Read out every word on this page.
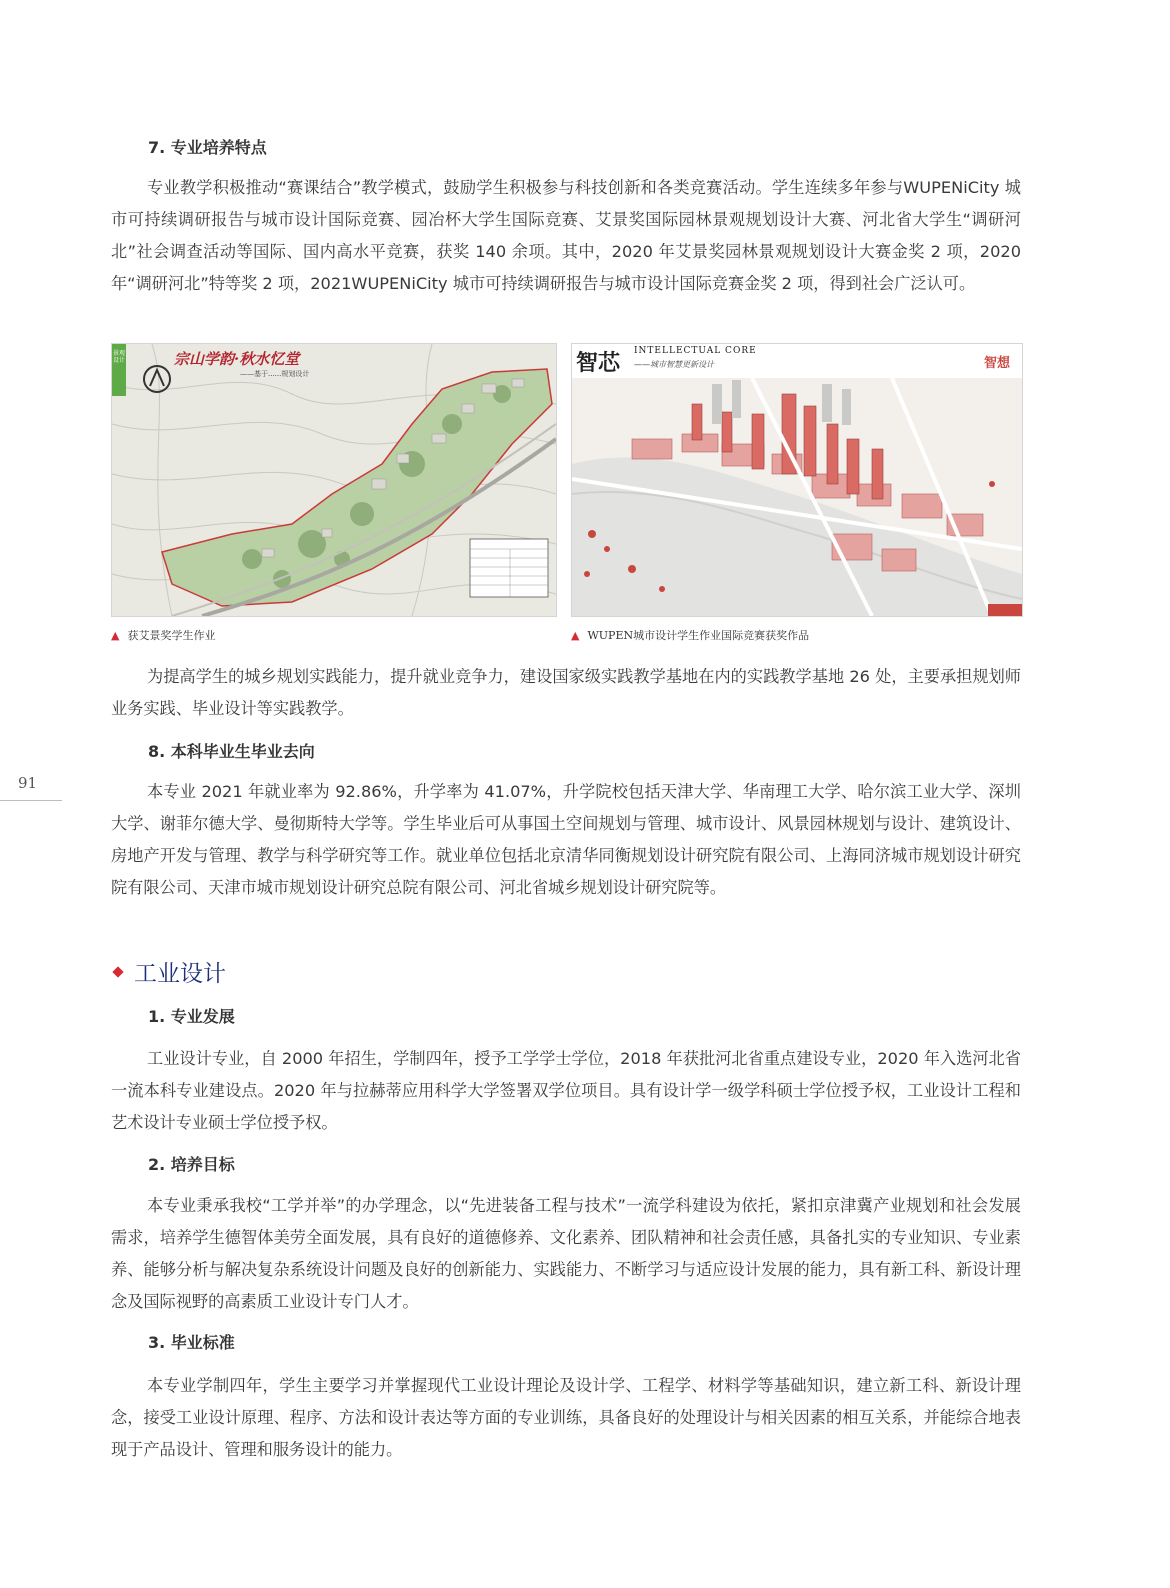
7. 专业培养特点

专业教学积极推动“赛课结合”教学模式，鼓励学生积极参与科技创新和各类竞赛活动。学生连续多年参与WUPENiCity 城市可持续调研报告与城市设计国际竞赛、园冶杯大学生国际竞赛、艾景奖国际园林景观规划设计大赛、河北省大学生“调研河北”社会调查活动等国际、国内高水平竞赛，获奖 140 余项。其中，2020 年艾景奖园林景观规划设计大赛金奖 2 项，2020 年“调研河北”特等奖 2 项，2021WUPENiCity 城市可持续调研报告与城市设计国际竞赛金奖 2 项，得到社会广泛认可。

宗山学韵·秋水忆堂
——基于......规划设计
景观设计	智芯 INTELLECTUAL CORE
——城市智慧更新设计	智想
▲ 获艾景奖学生作业	▲ WUPEN城市设计学生作业国际竞赛获奖作品

为提高学生的城乡规划实践能力，提升就业竞争力，建设国家级实践教学基地在内的实践教学基地 26 处，主要承担规划师业务实践、毕业设计等实践教学。

8. 本科毕业生毕业去向

本专业 2021 年就业率为 92.86%，升学率为 41.07%，升学院校包括天津大学、华南理工大学、哈尔滨工业大学、深圳大学、谢菲尔德大学、曼彻斯特大学等。学生毕业后可从事国土空间规划与管理、城市设计、风景园林规划与设计、建筑设计、房地产开发与管理、教学与科学研究等工作。就业单位包括北京清华同衡规划设计研究院有限公司、上海同济城市规划设计研究院有限公司、天津市城市规划设计研究总院有限公司、河北省城乡规划设计研究院等。

91
工业设计
1. 专业发展

工业设计专业，自 2000 年招生，学制四年，授予工学学士学位，2018 年获批河北省重点建设专业，2020 年入选河北省一流本科专业建设点。2020 年与拉赫蒂应用科学大学签署双学位项目。具有设计学一级学科硕士学位授予权，工业设计工程和艺术设计专业硕士学位授予权。

2. 培养目标

本专业秉承我校“工学并举”的办学理念，以“先进装备工程与技术”一流学科建设为依托，紧扣京津冀产业规划和社会发展需求，培养学生德智体美劳全面发展，具有良好的道德修养、文化素养、团队精神和社会责任感，具备扎实的专业知识、专业素养、能够分析与解决复杂系统设计问题及良好的创新能力、实践能力、不断学习与适应设计发展的能力，具有新工科、新设计理念及国际视野的高素质工业设计专门人才。

3. 毕业标准

本专业学制四年，学生主要学习并掌握现代工业设计理论及设计学、工程学、材料学等基础知识，建立新工科、新设计理念，接受工业设计原理、程序、方法和设计表达等方面的专业训练，具备良好的处理设计与相关因素的相互关系，并能综合地表现于产品设计、管理和服务设计的能力。
